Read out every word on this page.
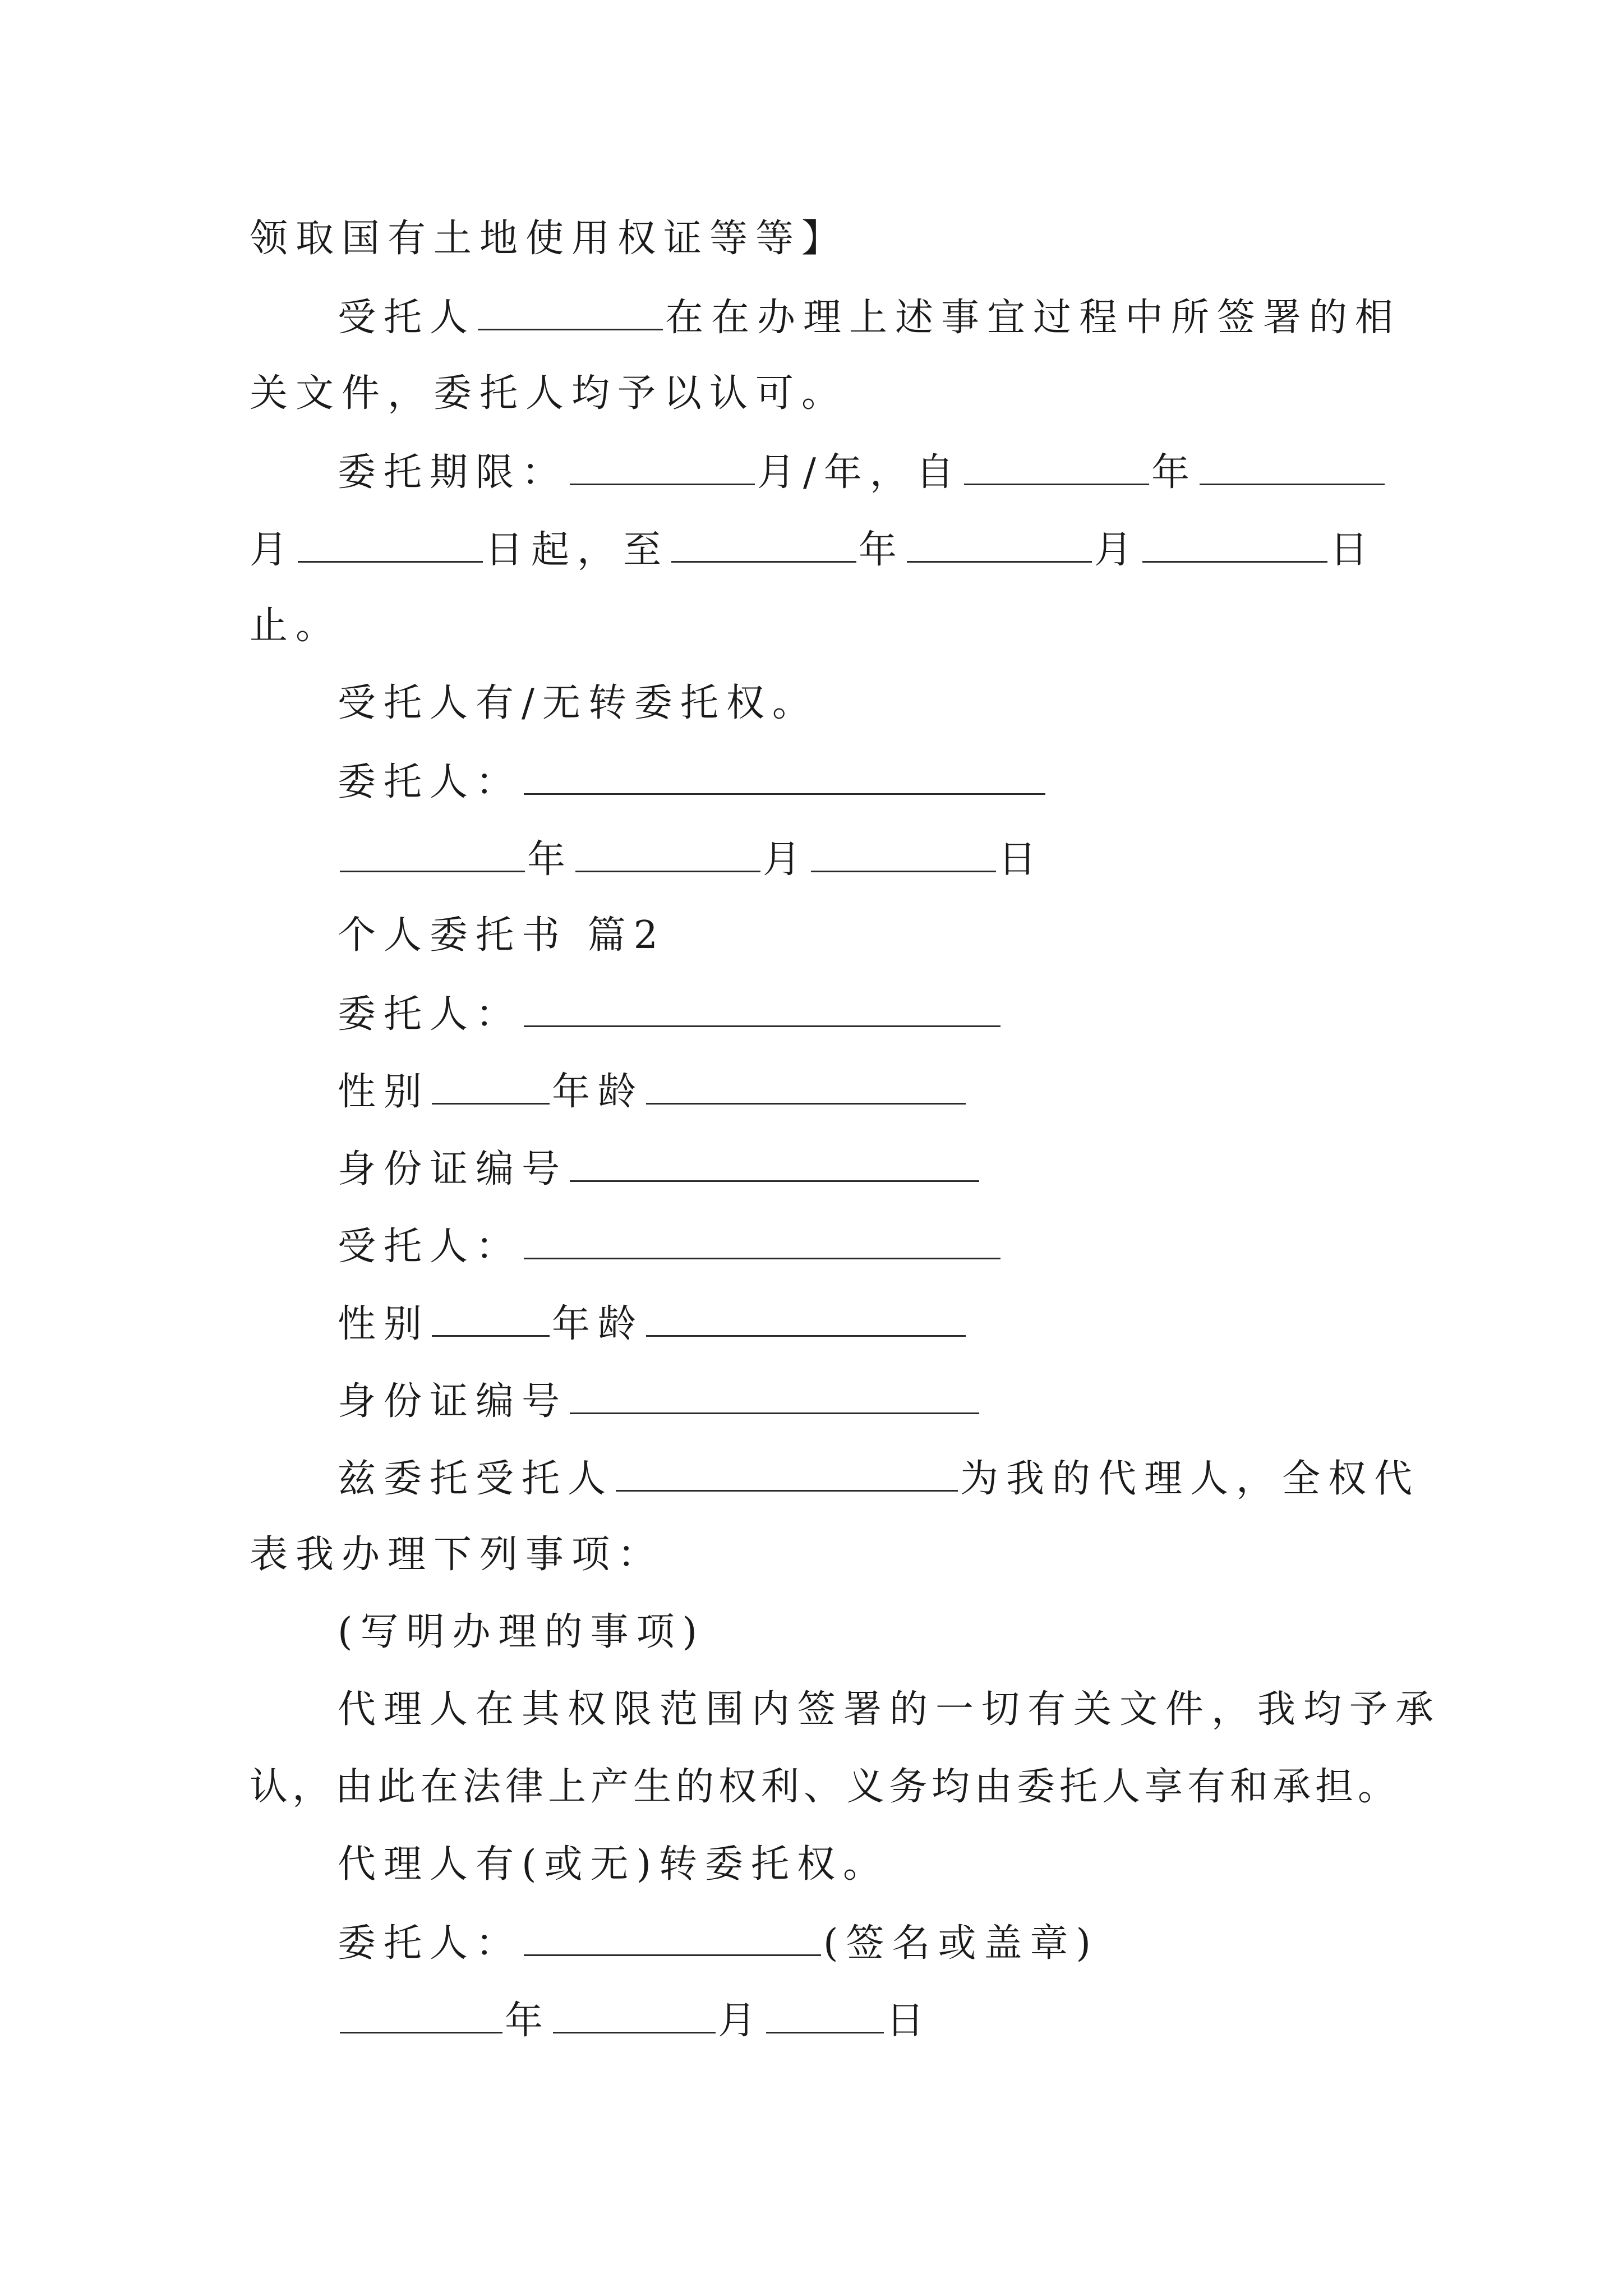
领取国有土地使用权证等等】
受托人	在在办理上述事宜过程中所签署的相
关文件，委托人均予以认可。
委托期限：	月/年，自	年
月	日起，至	年	月	日
止。
受托人有/无转委托权。
委托人：
年	月	日
个人委托书 篇2
委托人：
性别	年龄
身份证编号
受托人：
性别	年龄
身份证编号
兹委托受托人	为我的代理人，全权代
表我办理下列事项：
(写明办理的事项)
代理人在其权限范围内签署的一切有关文件，我均予承
认，由此在法律上产生的权利、义务均由委托人享有和承担。
代理人有(或无)转委托权。
委托人：	(签名或盖章)
年	月	日
